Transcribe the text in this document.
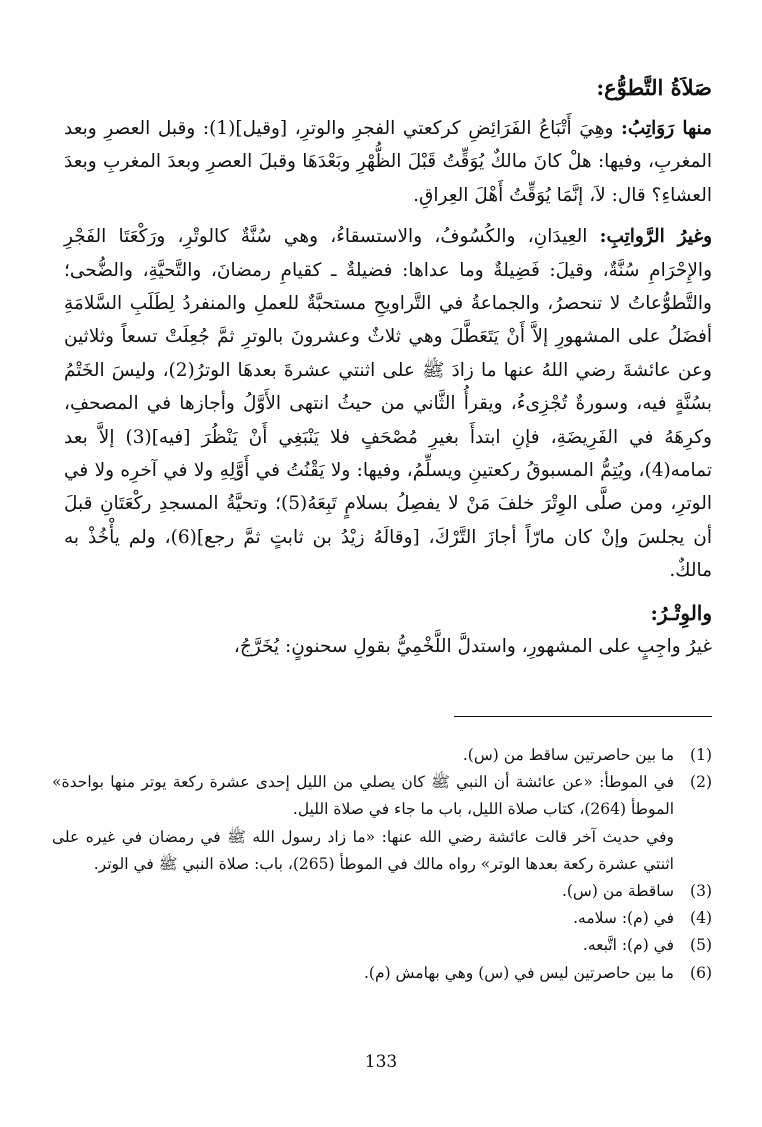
صَلاَةُ التَّطوُّع:

منها رَوَاتِبُ: وهِيَ أَتْبَاعُ الفَرَائِضِ كركعتي الفجرِ والوترِ، [وقيل](1): وقبل العصرِ وبعد المغربِ، وفيها: هلْ كانَ مالكٌ يُوَقِّتُ قَبْلَ الظُّهْرِ وبَعْدَهَا وقبلَ العصرِ وبعدَ المغربِ وبعدَ العشاءِ؟ قال: لاَ، إنَّمَا يُوَقِّتُ أَهْلَ العِراقِ.

وغيرُ الرَّواتِبِ: العِيدَانِ، والكُسُوفُ، والاستسقاءُ، وهي سُنَّةٌ كالوتْرِ، ورَكْعَتَا الفَجْرِ والإِحْرَامِ سُنَّةٌ، وقيلَ: فَضِيلةٌ وما عداها: فضيلةٌ ـ كقيامِ رمضانَ، والتَّحيَّةِ، والضُّحى؛ والتَّطوُّعاتُ لا تنحصرُ، والجماعةُ في التَّراويحِ مستحبَّةٌ للعملِ والمنفردُ لِطَلَبِ السَّلامَةِ أفضَلُ على المشهورِ إلاَّ أَنْ يَتَعَطَّلَ وهي ثلاثٌ وعشرونَ بالوترِ ثمَّ جُعِلَتْ تسعاً وثلاثين وعن عائشةَ رضي اللهُ عنها ما زادَ ﷺ على اثنتي عشرةَ بعدهَا الوترُ(2)، وليسَ الخَتْمُ بسُنَّةٍ فيه، وسورةٌ تُجْزِىءُ، ويقرأُ الثَّاني من حيثُ انتهى الأَوَّلُ وأجازها في المصحفِ، وكرِهَهُ في الفَرِيضَةِ، فإنِ ابتدأَ بغيرِ مُصْحَفٍ فلا يَنْبَغِي أَنْ يَنْظُرَ [فيه](3) إلاَّ بعد تمامه(4)، ويُتِمُّ المسبوقُ ركعتينِ ويسلِّمُ، وفيها: ولا يَقْنُتُ في أَوَّلِهِ ولا في آخرِه ولا في الوترِ، ومن صلَّى الوِتْرَ خلفَ مَنْ لا يفصِلُ بسلامٍ تَبِعَهُ(5)؛ وتحيَّةُ المسجدِ ركْعَتَانِ قبلَ أن يجلسَ وإنْ كان مارّاً أجازَ التَّرْكَ، [وقالَهُ زيْدُ بن ثابتٍ ثمَّ رجع](6)، ولم يأْخُذْ به مالكٌ.

والوِتْـرُ:

غيرُ واجِبٍ على المشهورِ، واستدلَّ اللَّخْمِيُّ بقولِ سحنونٍ: يُخَرَّجُ،

(1)

ما بين حاصرتين ساقط من (س).

(2)

في الموطأ: «عن عائشة أن النبي ﷺ كان يصلي من الليل إحدى عشرة ركعة يوتر منها بواحدة» الموطأ (264)، كتاب صلاة الليل، باب ما جاء في صلاة الليل.

وفي حديث آخر قالت عائشة رضي الله عنها: «ما زاد رسول الله ﷺ في رمضان في غيره على اثنتي عشرة ركعة بعدها الوتر» رواه مالك في الموطأ (265)، باب: صلاة النبي ﷺ في الوتر.

(3)

ساقطة من (س).

(4)

في (م): سلامه.

(5)

في (م): اتَّبعه.

(6)

ما بين حاصرتين ليس في (س) وهي بهامش (م).

133
